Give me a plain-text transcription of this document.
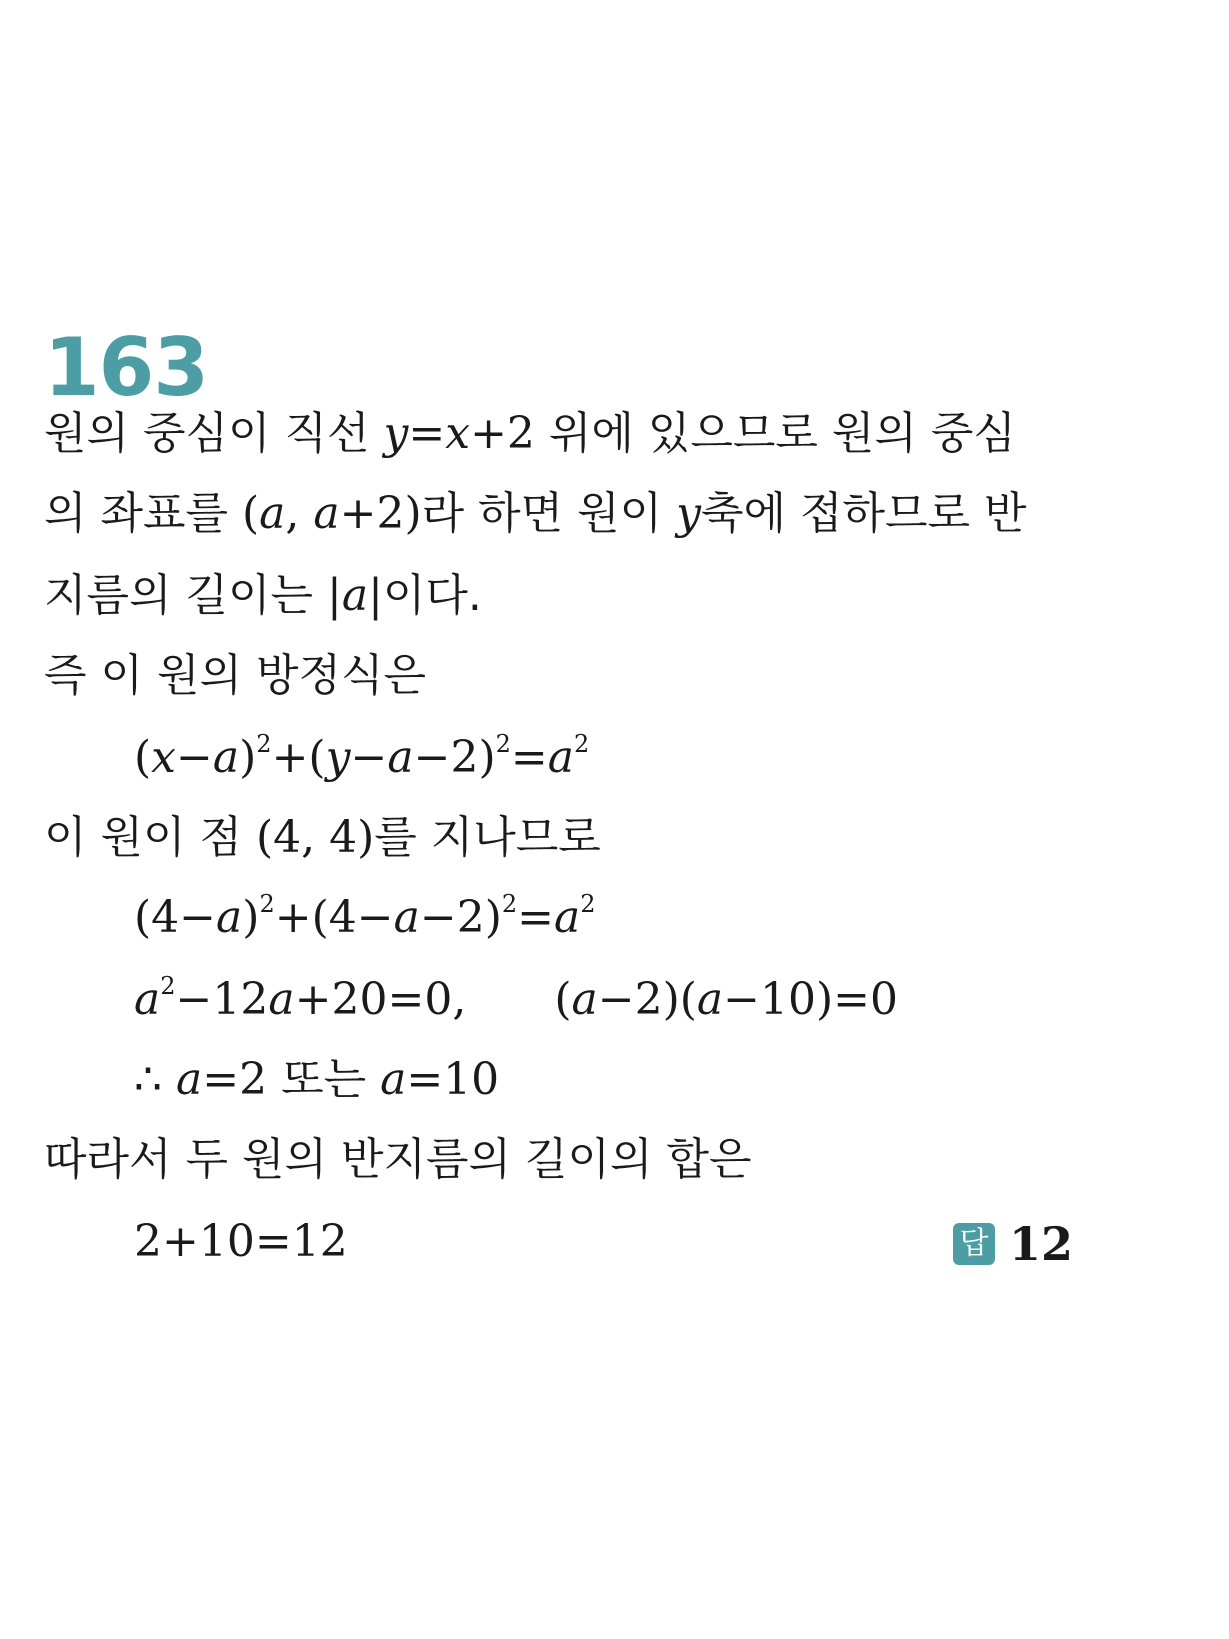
163
원의 중심이 직선 y=x+2 위에 있으므로 원의 중심
의 좌표를 (a, a+2)라 하면 원이 y축에 접하므로 반
지름의 길이는 |a|이다.
즉 이 원의 방정식은
$(x-a)^2+(y-a-2)^2=a^2$
이 원이 점 (4, 4)를 지나므로
$(4-a)^2+(4-a-2)^2=a^2$
$a^2-12a+20=0$, (a−2)(a−10)=0
∴ a=2 또는 a=10
따라서 두 원의 반지름의 길이의 합은
2+10=12	답 12
